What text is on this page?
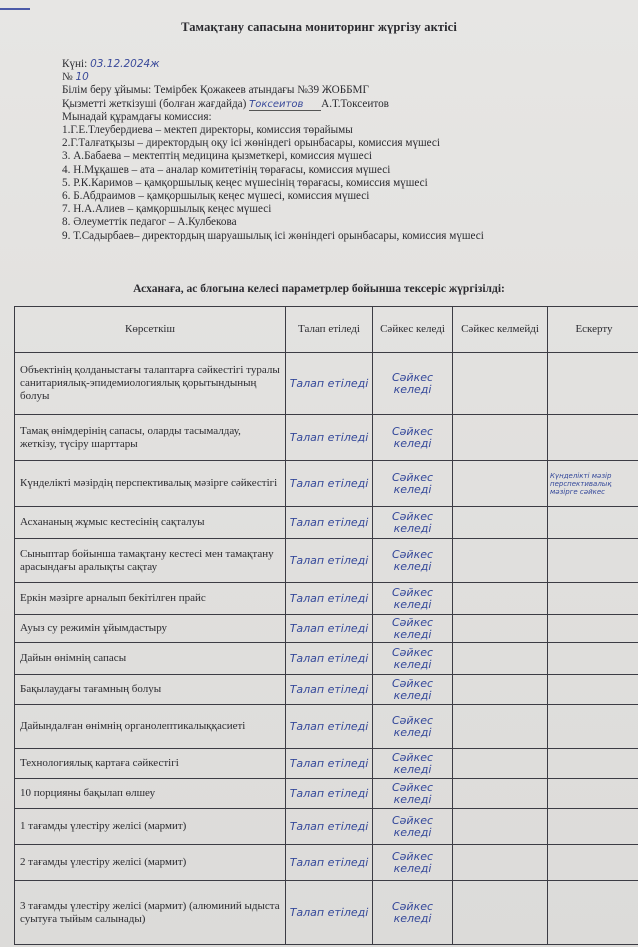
Тамақтану сапасына мониторинг жүргізу актісі
Күні: 03.12.2024ж
№ 10
Білім беру ұйымы: Темірбек Қожакеев атындағы №39 ЖОББМГ
Қызметті жеткізуші (болған жағдайда) Токсеитов А.Т.Токсеитов
Мынадай құрамдағы комиссия:
1.Г.Е.Тлеубердиева – мектеп директоры, комиссия төрайымы
2.Г.Талғатқызы – директордың оқу ісі жөніндегі орынбасары, комиссия мүшесі
3. А.Бабаева – мектептің медицина қызметкері, комиссия мүшесі
4. Н.Мұқашев – ата – аналар комитетінің төрағасы, комиссия мүшесі
5. Р.К.Каримов – қамқоршылық кеңес мүшесінің төрағасы, комиссия мүшесі
6. Б.Абдраимов – қамқоршылық кеңес мүшесі, комиссия мүшесі
7. Н.А.Алиев – қамқоршылық кеңес мүшесі
8. Әлеуметтік педагог – А.Кулбекова
9. Т.Садырбаев– директордың шаруашылық ісі жөніндегі орынбасары, комиссия мүшесі
Асханаға, ас блогына келесі параметрлер бойынша тексеріс жүргізілді:
Көрсеткіш	Талап етіледі	Сәйкес келеді	Сәйкес келмейді	Ескерту
Объектінің қолданыстағы талаптарға сәйкестігі туралы санитариялық-эпидемиологиялық қорытындының болуы	Талап етіледі	Сәйкес келеді		
Тамақ өнімдерінің сапасы, оларды тасымалдау, жеткізу, түсіру шарттары	Талап етіледі	Сәйкес келеді		
Күнделікті мәзірдің перспективалық мәзірге сәйкестігі	Талап етіледі	Сәйкес келеді		Күнделікті мәзір перспективалық мәзірге сәйкес
Асхананың жұмыс кестесінің сақталуы	Талап етіледі	Сәйкес келеді		
Сыныптар бойынша тамақтану кестесі мен тамақтану арасындағы аралықты сақтау	Талап етіледі	Сәйкес келеді		
Еркін мәзірге арналып бекітілген прайс	Талап етіледі	Сәйкес келеді		
Ауыз су режимін ұйымдастыру	Талап етіледі	Сәйкес келеді		
Дайын өнімнің сапасы	Талап етіледі	Сәйкес келеді		
Бақылаудағы тағамның болуы	Талап етіледі	Сәйкес келеді		
Дайындалған өнімнің органолептикалыққасиеті	Талап етіледі	Сәйкес келеді		
Технологиялық картаға сәйкестігі	Талап етіледі	Сәйкес келеді		
10 порцияны бақылап өлшеу	Талап етіледі	Сәйкес келеді		
1 тағамды үлестіру желісі (мармит)	Талап етіледі	Сәйкес келеді		
2 тағамды үлестіру желісі (мармит)	Талап етіледі	Сәйкес келеді		
3 тағамды үлестіру желісі (мармит) (алюминий ыдыста суытуға тыйым салынады)	Талап етіледі	Сәйкес келеді		
